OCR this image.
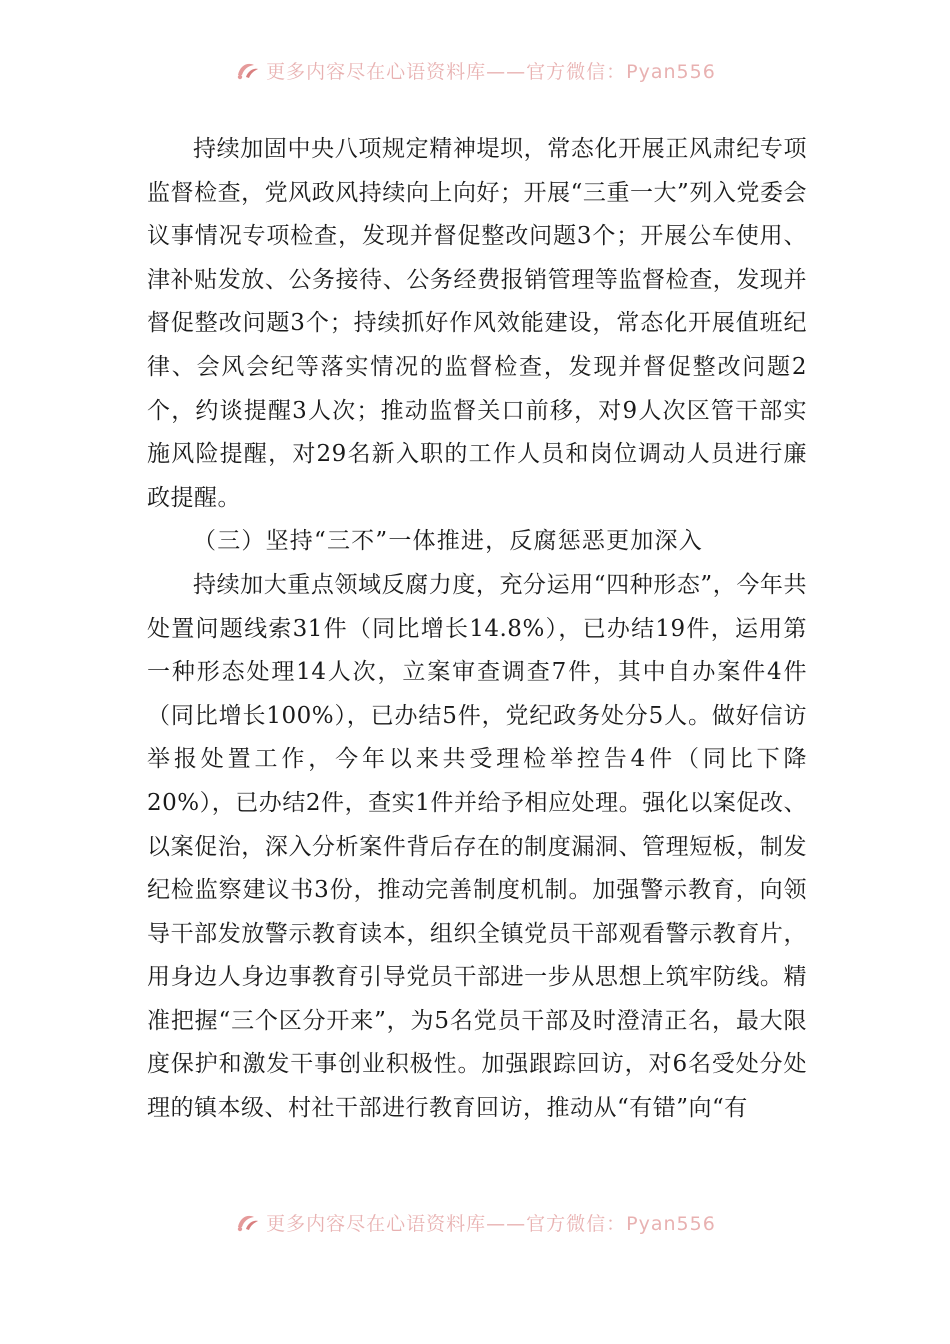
更多内容尽在心语资料库——官方微信：Pyan556

持续加固中央八项规定精神堤坝，常态化开展正风肃纪专项监督检查，党风政风持续向上向好；开展“三重一大”列入党委会议事情况专项检查，发现并督促整改问题3个；开展公车使用、津补贴发放、公务接待、公务经费报销管理等监督检查，发现并督促整改问题3个；持续抓好作风效能建设，常态化开展值班纪律、会风会纪等落实情况的监督检查，发现并督促整改问题2个，约谈提醒3人次；推动监督关口前移，对9人次区管干部实施风险提醒，对29名新入职的工作人员和岗位调动人员进行廉政提醒。

（三）坚持“三不”一体推进，反腐惩恶更加深入

持续加大重点领域反腐力度，充分运用“四种形态”，今年共处置问题线索31件（同比增长14.8%），已办结19件，运用第一种形态处理14人次，立案审查调查7件，其中自办案件4件（同比增长100%），已办结5件，党纪政务处分5人。做好信访举报处置工作，今年以来共受理检举控告4件（同比下降20%），已办结2件，查实1件并给予相应处理。强化以案促改、以案促治，深入分析案件背后存在的制度漏洞、管理短板，制发纪检监察建议书3份，推动完善制度机制。加强警示教育，向领导干部发放警示教育读本，组织全镇党员干部观看警示教育片，用身边人身边事教育引导党员干部进一步从思想上筑牢防线。精准把握“三个区分开来”，为5名党员干部及时澄清正名，最大限度保护和激发干事创业积极性。加强跟踪回访，对6名受处分处理的镇本级、村社干部进行教育回访，推动从“有错”向“有

更多内容尽在心语资料库——官方微信：Pyan556
